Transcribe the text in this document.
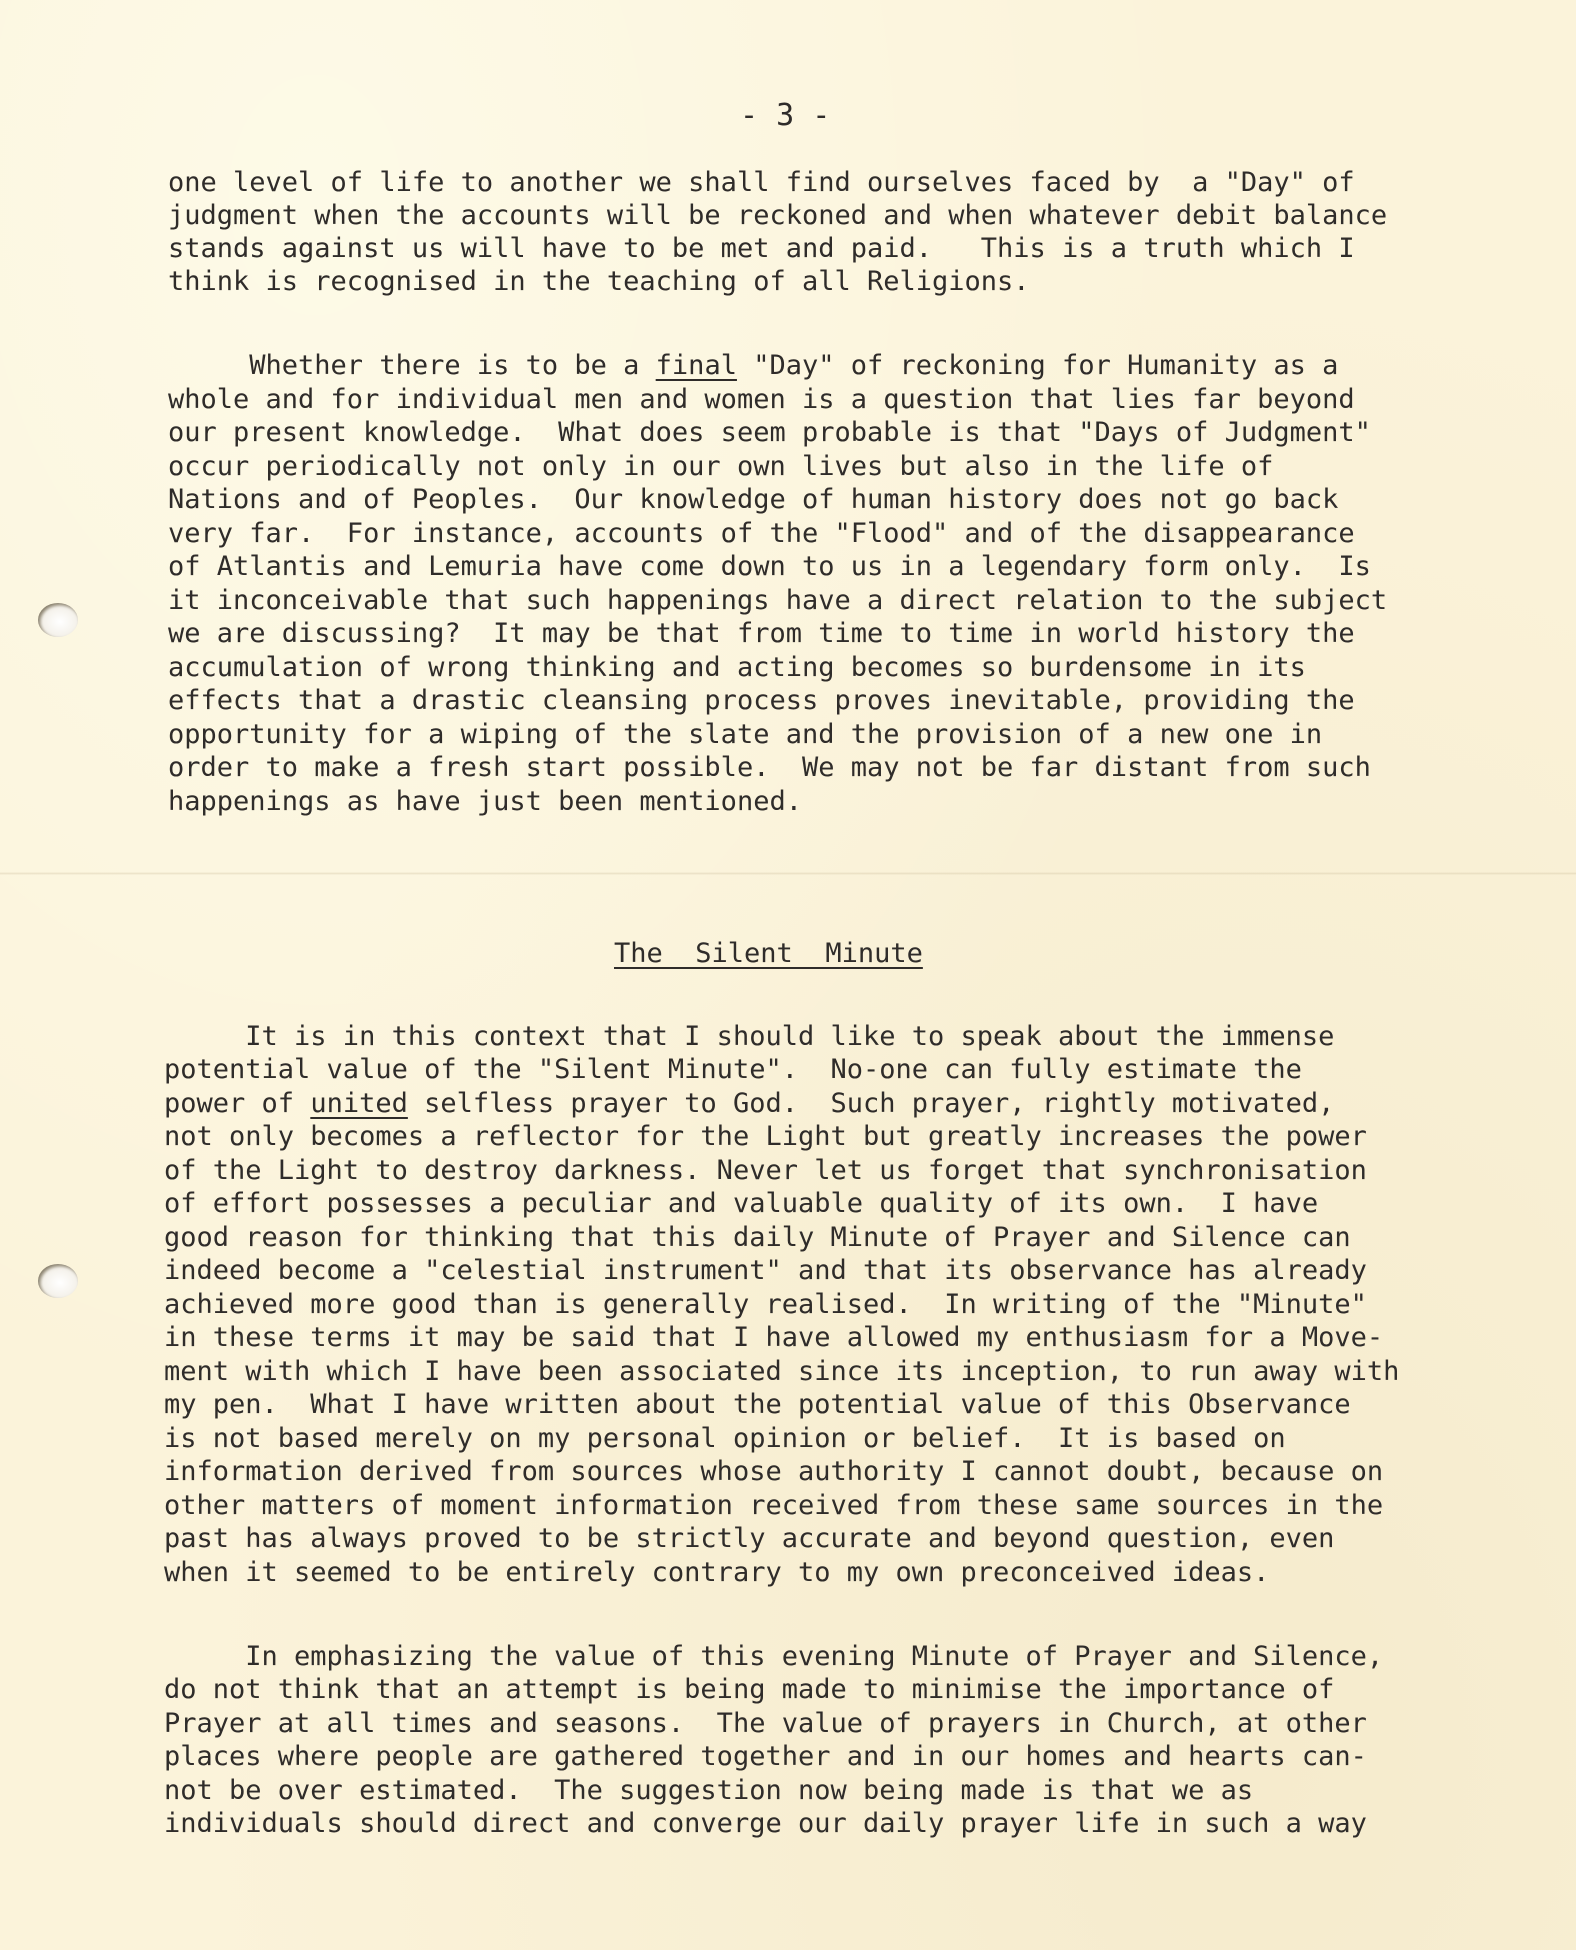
- 3 -
one level of life to another we shall find ourselves faced by  a "Day" of
judgment when the accounts will be reckoned and when whatever debit balance
stands against us will have to be met and paid.   This is a truth which I
think is recognised in the teaching of all Religions.
Whether there is to be a final "Day" of reckoning for Humanity as a
whole and for individual men and women is a question that lies far beyond
our present knowledge.  What does seem probable is that "Days of Judgment"
occur periodically not only in our own lives but also in the life of
Nations and of Peoples.  Our knowledge of human history does not go back
very far.  For instance, accounts of the "Flood" and of the disappearance
of Atlantis and Lemuria have come down to us in a legendary form only.  Is
it inconceivable that such happenings have a direct relation to the subject
we are discussing?  It may be that from time to time in world history the
accumulation of wrong thinking and acting becomes so burdensome in its
effects that a drastic cleansing process proves inevitable, providing the
opportunity for a wiping of the slate and the provision of a new one in
order to make a fresh start possible.  We may not be far distant from such
happenings as have just been mentioned.
The  Silent  Minute
It is in this context that I should like to speak about the immense
potential value of the "Silent Minute".  No-one can fully estimate the
power of united selfless prayer to God.  Such prayer, rightly motivated,
not only becomes a reflector for the Light but greatly increases the power
of the Light to destroy darkness. Never let us forget that synchronisation
of effort possesses a peculiar and valuable quality of its own.  I have
good reason for thinking that this daily Minute of Prayer and Silence can
indeed become a "celestial instrument" and that its observance has already
achieved more good than is generally realised.  In writing of the "Minute"
in these terms it may be said that I have allowed my enthusiasm for a Move-
ment with which I have been associated since its inception, to run away with
my pen.  What I have written about the potential value of this Observance
is not based merely on my personal opinion or belief.  It is based on
information derived from sources whose authority I cannot doubt, because on
other matters of moment information received from these same sources in the
past has always proved to be strictly accurate and beyond question, even
when it seemed to be entirely contrary to my own preconceived ideas.
In emphasizing the value of this evening Minute of Prayer and Silence,
do not think that an attempt is being made to minimise the importance of
Prayer at all times and seasons.  The value of prayers in Church, at other
places where people are gathered together and in our homes and hearts can-
not be over estimated.  The suggestion now being made is that we as
individuals should direct and converge our daily prayer life in such a way
